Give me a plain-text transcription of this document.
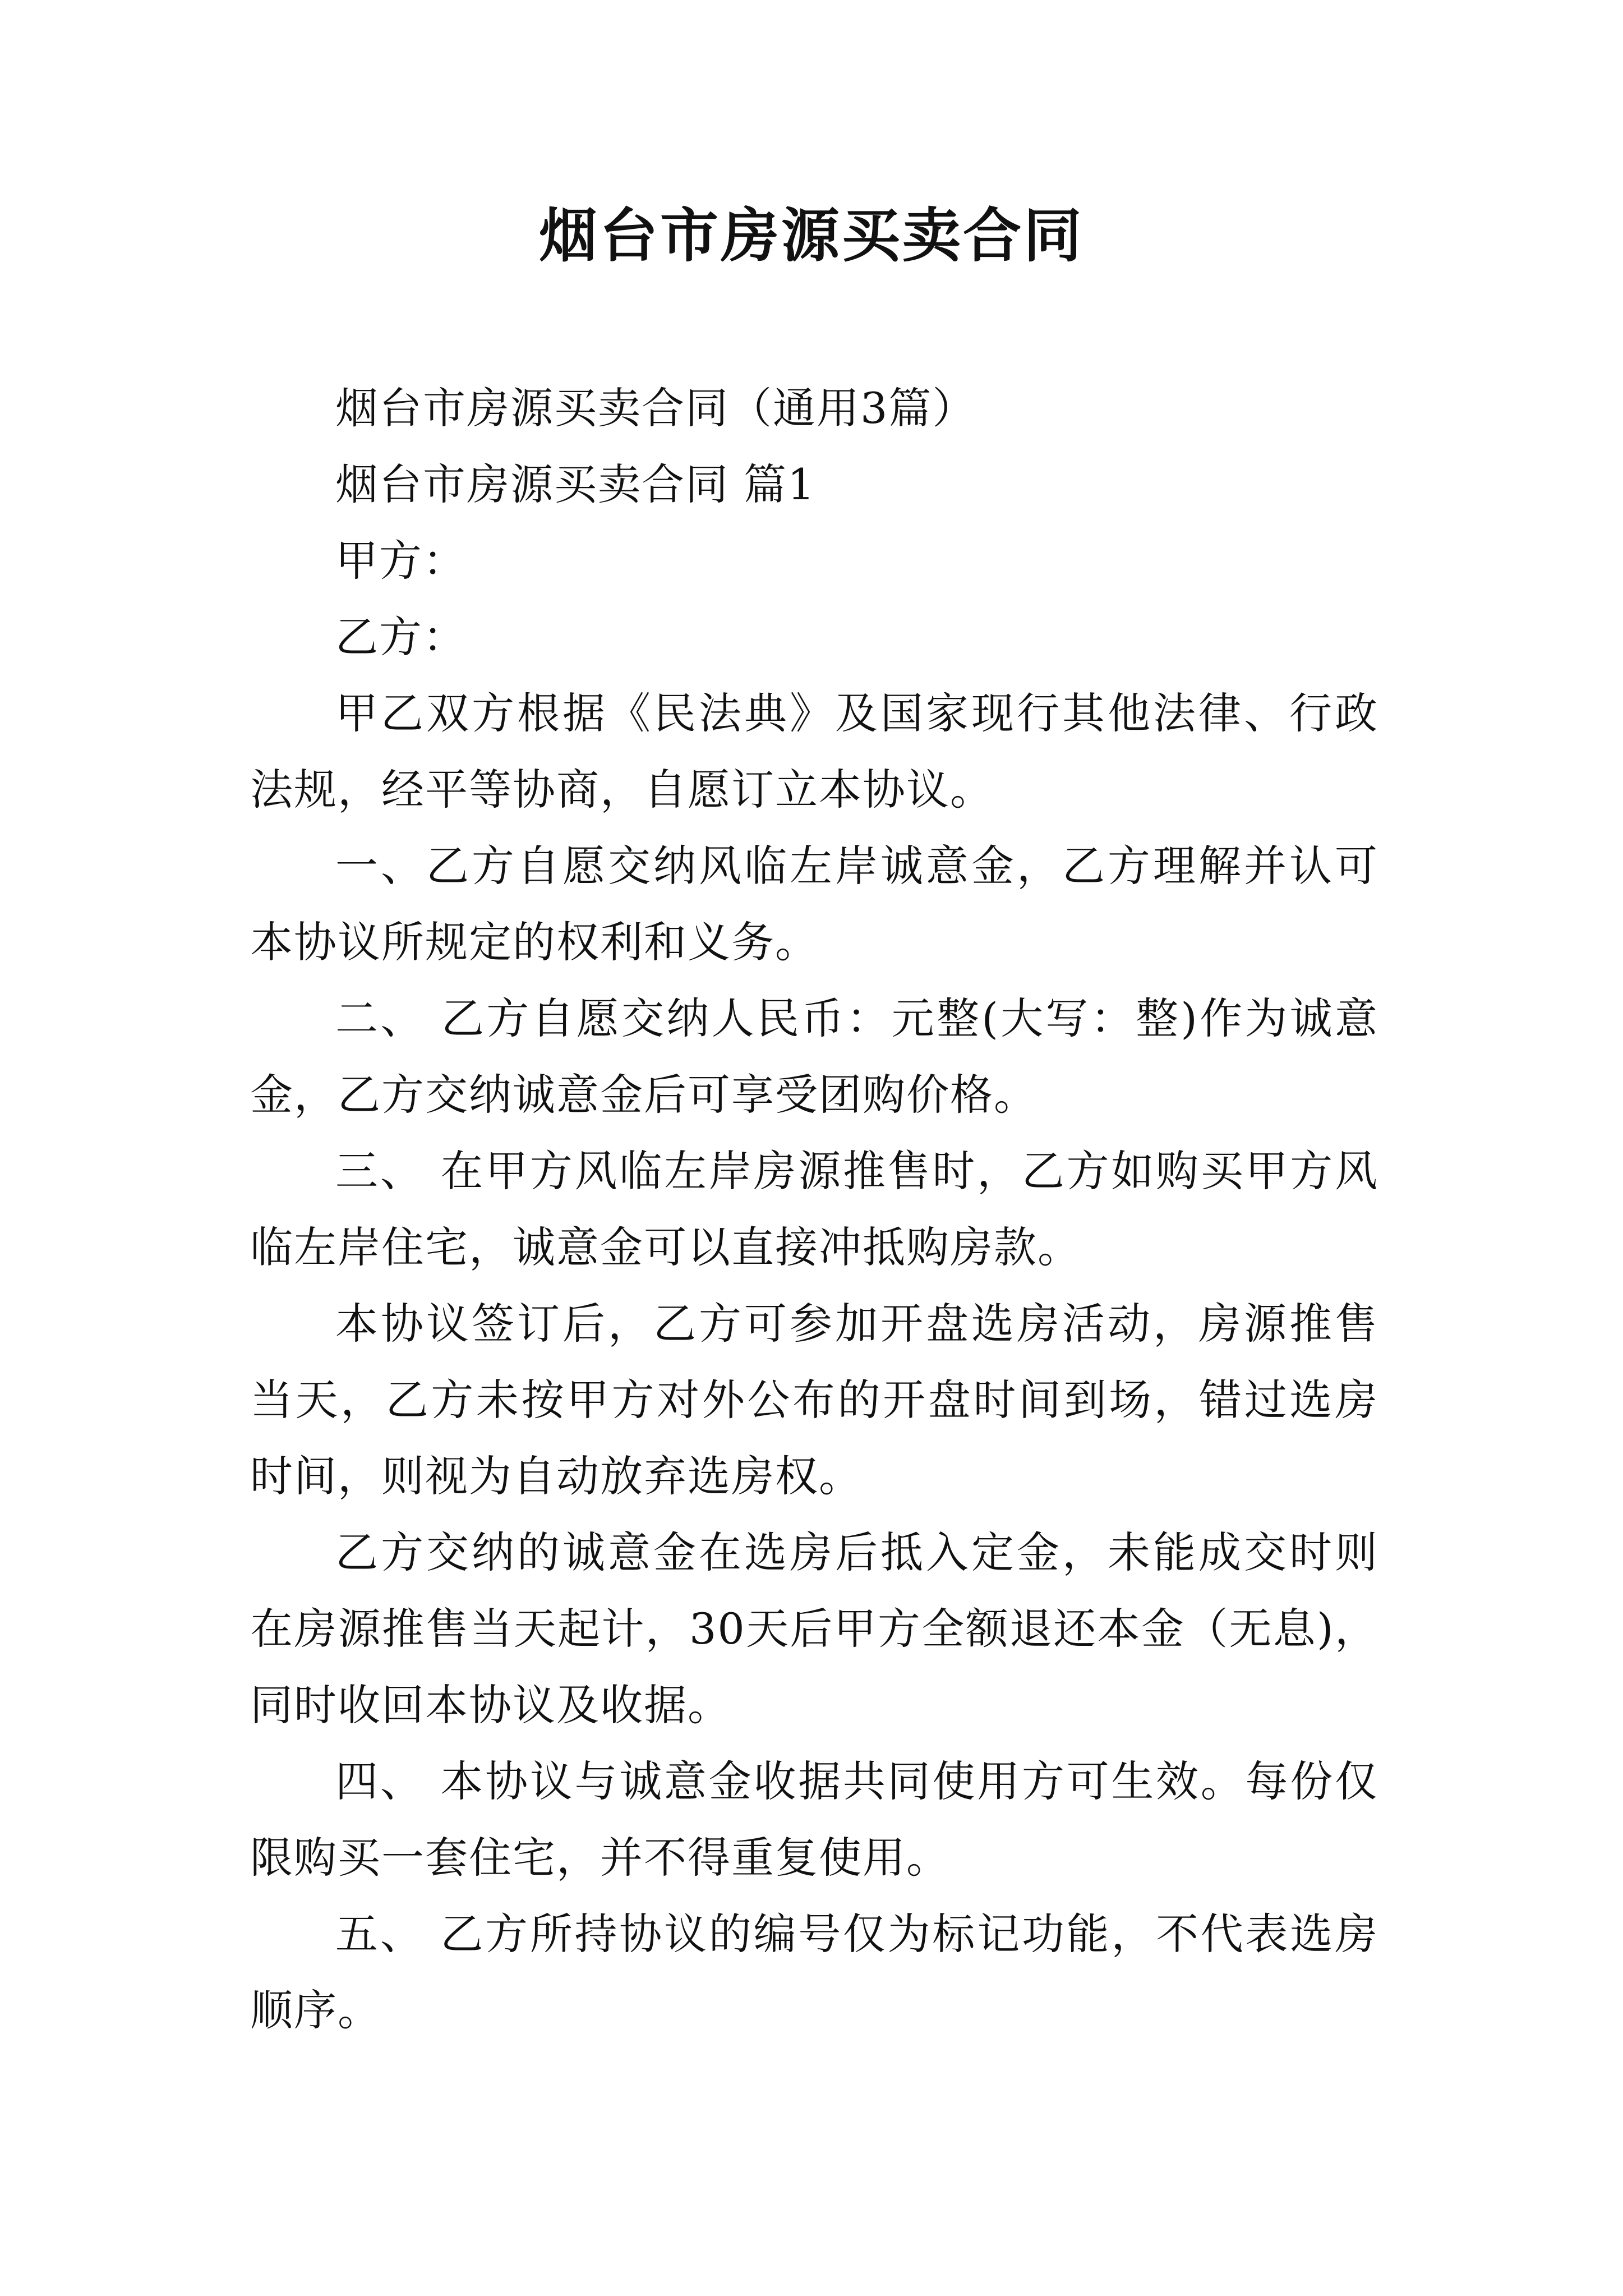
烟台市房源买卖合同

烟台市房源买卖合同（通用3篇）

烟台市房源买卖合同 篇1

甲方：

乙方：

甲乙双方根据《民法典》及国家现行其他法律、行政法规，经平等协商，自愿订立本协议。

一、乙方自愿交纳风临左岸诚意金，乙方理解并认可本协议所规定的权利和义务。

二、 乙方自愿交纳人民币：元整(大写：整)作为诚意金，乙方交纳诚意金后可享受团购价格。

三、 在甲方风临左岸房源推售时，乙方如购买甲方风临左岸住宅，诚意金可以直接冲抵购房款。

本协议签订后，乙方可参加开盘选房活动，房源推售当天，乙方未按甲方对外公布的开盘时间到场，错过选房时间，则视为自动放弃选房权。

乙方交纳的诚意金在选房后抵入定金，未能成交时则在房源推售当天起计，30天后甲方全额退还本金（无息)，同时收回本协议及收据。

四、 本协议与诚意金收据共同使用方可生效。每份仅限购买一套住宅，并不得重复使用。

五、 乙方所持协议的编号仅为标记功能，不代表选房顺序。
